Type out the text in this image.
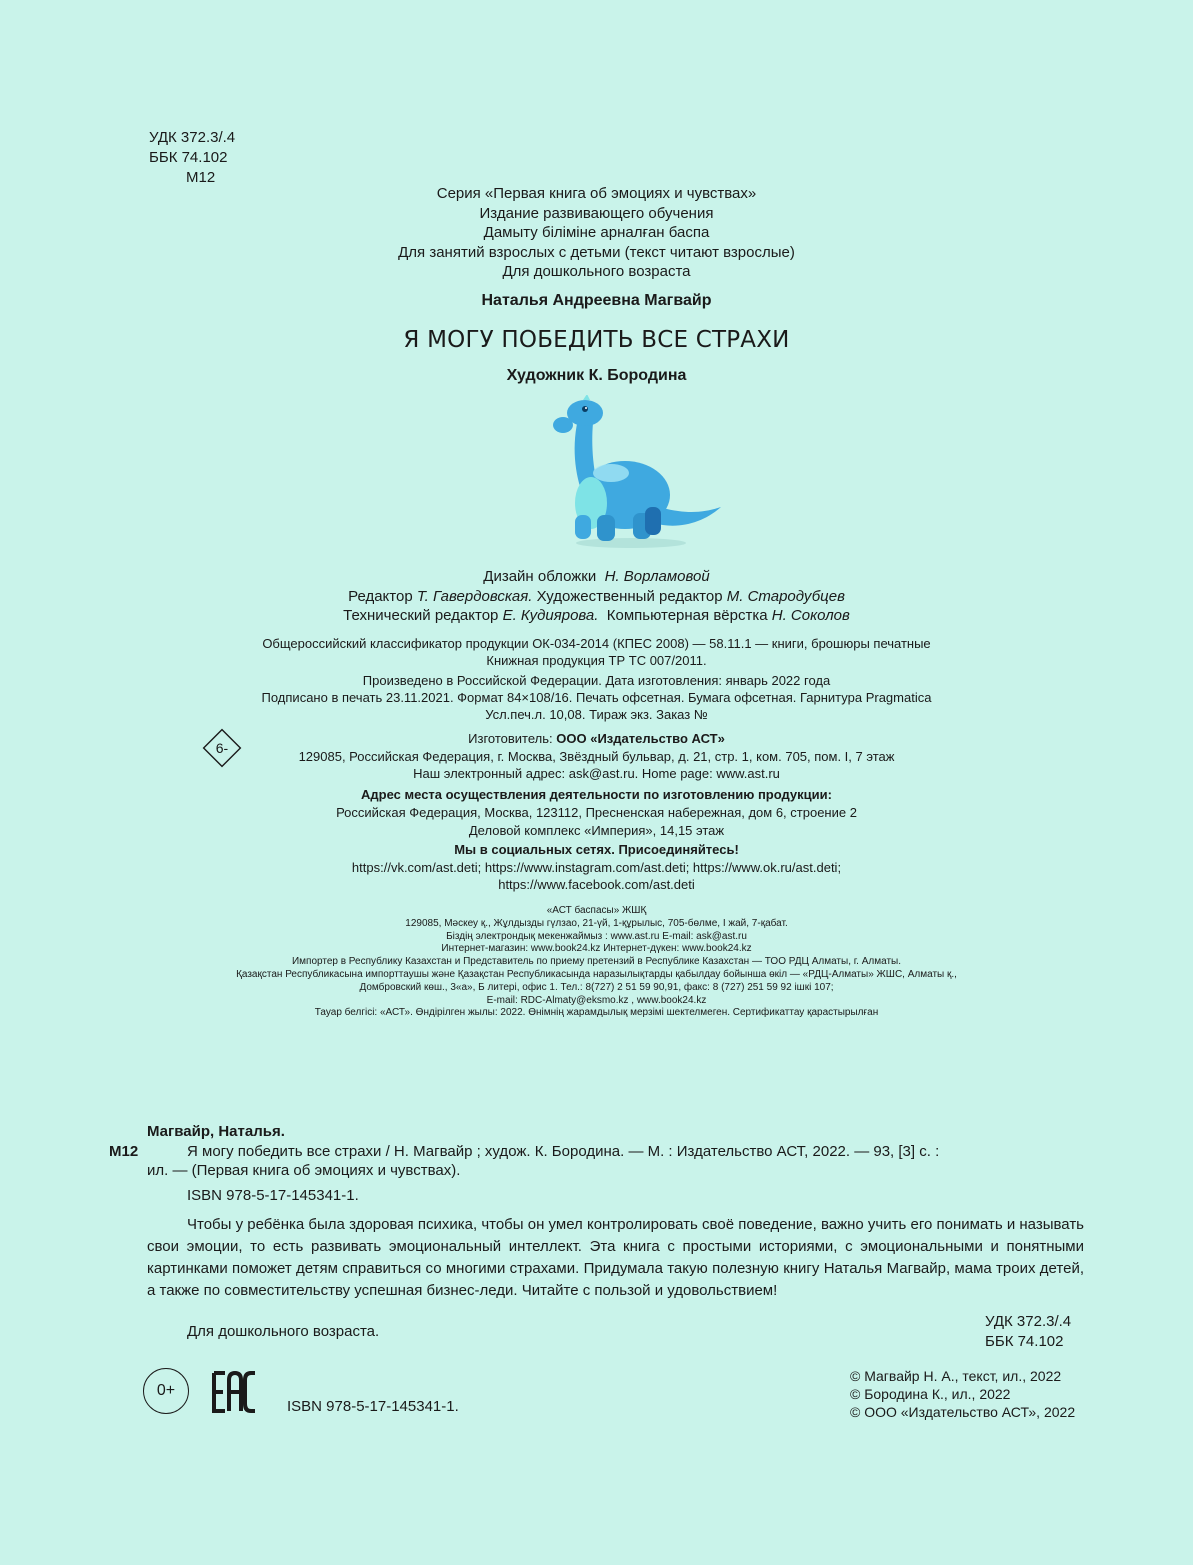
УДК 372.3/.4
ББК 74.102
М12
Серия «Первая книга об эмоциях и чувствах»
Издание развивающего обучения
Дамыту біліміне арналған баспа
Для занятий взрослых с детьми (текст читают взрослые)
Для дошкольного возраста
Наталья Андреевна Магвайр
Я МОГУ ПОБЕДИТЬ ВСЕ СТРАХИ
Художник К. Бородина
Дизайн обложки Н. Ворламовой
Редактор Т. Гавердовская. Художественный редактор М. Стародубцев
Технический редактор Е. Кудиярова. Компьютерная вёрстка Н. Соколов
Общероссийский классификатор продукции ОК-034-2014 (КПЕС 2008) — 58.11.1 — книги, брошюры печатные
Книжная продукция ТР ТС 007/2011.
Произведено в Российской Федерации. Дата изготовления: январь 2022 года
Подписано в печать 23.11.2021. Формат 84×108/16. Печать офсетная. Бумага офсетная. Гарнитура Pragmatica
Усл.печ.л. 10,08. Тираж экз. Заказ №
6-
Изготовитель: ООО «Издательство АСТ»
129085, Российская Федерация, г. Москва, Звёздный бульвар, д. 21, стр. 1, ком. 705, пом. I, 7 этаж
Наш электронный адрес: ask@ast.ru. Home page: www.ast.ru
Адрес места осуществления деятельности по изготовлению продукции:
Российская Федерация, Москва, 123112, Пресненская набережная, дом 6, строение 2
Деловой комплекс «Империя», 14,15 этаж
Мы в социальных сетях. Присоединяйтесь!
https://vk.com/ast.deti; https://www.instagram.com/ast.deti; https://www.ok.ru/ast.deti;
https://www.facebook.com/ast.deti
«АСТ баспасы» ЖШҚ
129085, Мәскеу қ., Жұлдызды гүлзао, 21-үй, 1-құрылыс, 705-бөлме, I жай, 7-қабат.
Біздің электрондық мекенжаймыз : www.ast.ru E-mail: ask@ast.ru
Интернет-магазин: www.book24.kz Интернет-дүкен: www.book24.kz
Импортер в Республику Казахстан и Представитель по приему претензий в Республике Казахстан — ТОО РДЦ Алматы, г. Алматы.
Қазақстан Республикасына импорттаушы және Қазақстан Республикасында наразылықтарды қабылдау бойынша өкіл — «РДЦ-Алматы» ЖШС, Алматы қ.,
Домбровский көш., 3«а», Б литері, офис 1. Тел.: 8(727) 2 51 59 90,91, факс: 8 (727) 251 59 92 ішкі 107;
E-mail: RDC-Almaty@eksmo.kz , www.book24.kz
Тауар белгісі: «АСТ». Өндірілген жылы: 2022. Өнімнің жарамдылық мерзімі шектелмеген. Сертификаттау қарастырылған
Магвайр, Наталья.
М12	Я могу победить все страхи / Н. Магвайр ; худож. К. Бородина. — М. : Издательство АСТ, 2022. — 93, [3] с. :
ил. — (Первая книга об эмоциях и чувствах).
ISBN 978-5-17-145341-1.

Чтобы у ребёнка была здоровая психика, чтобы он умел контролировать своё поведение, важно учить его понимать и называть свои эмоции, то есть развивать эмоциональный интеллект. Эта книга с простыми историями, с эмоциональными и понятными картинками поможет детям справиться со многими страхами. Придумала такую полезную книгу Наталья Магвайр, мама троих детей, а также по совместительству успешная бизнес-леди. Читайте с пользой и удовольствием!

Для дошкольного возраста.
УДК 372.3/.4
ББК 74.102
0+
ISBN 978-5-17-145341-1.
© Магвайр Н. А., текст, ил., 2022
© Бородина К., ил., 2022
© ООО «Издательство АСТ», 2022
